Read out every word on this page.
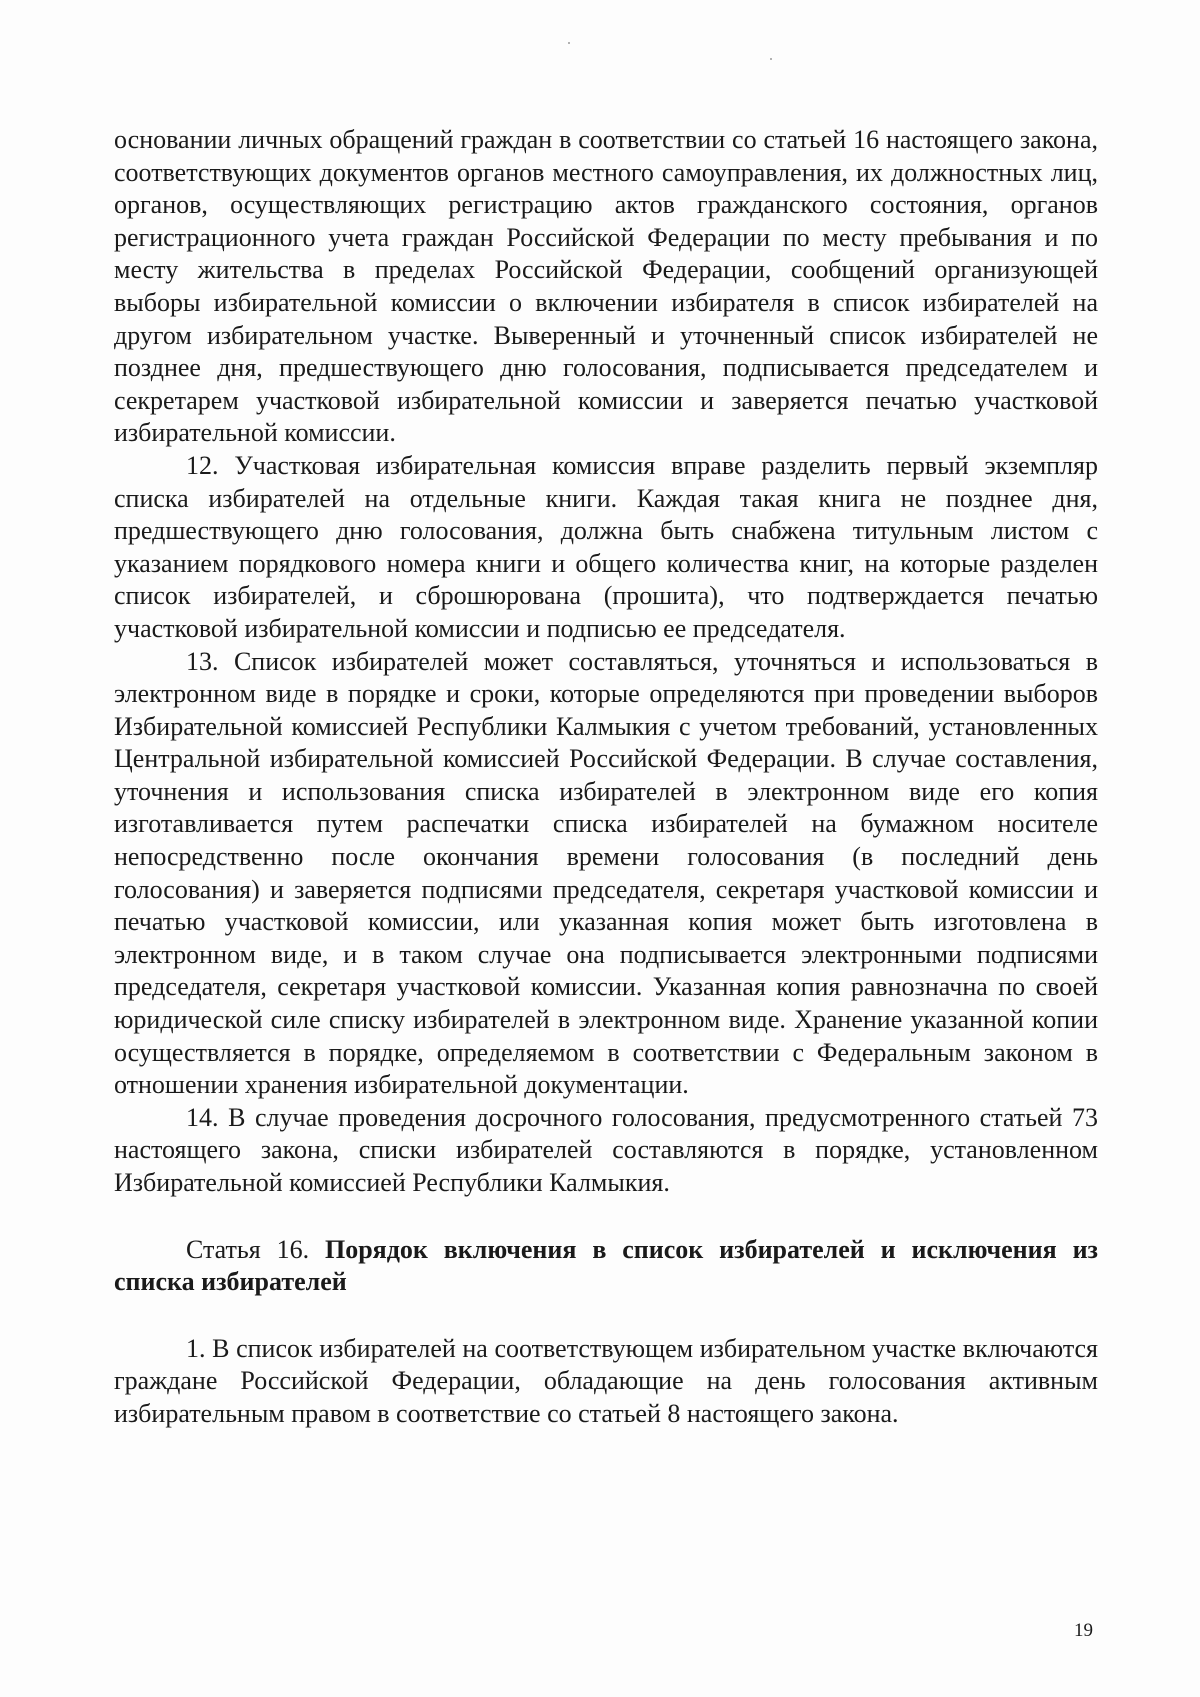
основании личных обращений граждан в соответствии со статьей 16 настоящего закона, соответствующих документов органов местного самоуправления, их должностных лиц, органов, осуществляющих регистрацию актов гражданского состояния, органов регистрационного учета граждан Российской Федерации по месту пребывания и по месту жительства в пределах Российской Федерации, сообщений организующей выборы избирательной комиссии о включении избирателя в список избирателей на другом избирательном участке. Выверенный и уточненный список избирателей не позднее дня, предшествующего дню голосования, подписывается председателем и секретарем участковой избирательной комиссии и заверяется печатью участковой избирательной комиссии.

12. Участковая избирательная комиссия вправе разделить первый экземпляр списка избирателей на отдельные книги. Каждая такая книга не позднее дня, предшествующего дню голосования, должна быть снабжена титульным листом с указанием порядкового номера книги и общего количества книг, на которые разделен список избирателей, и сброшюрована (прошита), что подтверждается печатью участковой избирательной комиссии и подписью ее председателя.

13. Список избирателей может составляться, уточняться и использоваться в электронном виде в порядке и сроки, которые определяются при проведении выборов Избирательной комиссией Республики Калмыкия с учетом требований, установленных Центральной избирательной комиссией Российской Федерации. В случае составления, уточнения и использования списка избирателей в электронном виде его копия изготавливается путем распечатки списка избирателей на бумажном носителе непосредственно после окончания времени голосования (в последний день голосования) и заверяется подписями председателя, секретаря участковой комиссии и печатью участковой комиссии, или указанная копия может быть изготовлена в электронном виде, и в таком случае она подписывается электронными подписями председателя, секретаря участковой комиссии. Указанная копия равнозначна по своей юридической силе списку избирателей в электронном виде. Хранение указанной копии осуществляется в порядке, определяемом в соответствии с Федеральным законом в отношении хранения избирательной документации.

14. В случае проведения досрочного голосования, предусмотренного статьей 73 настоящего закона, списки избирателей составляются в порядке, установленном Избирательной комиссией Республики Калмыкия.

Статья 16. Порядок включения в список избирателей и исключения из списка избирателей

1. В список избирателей на соответствующем избирательном участке включаются граждане Российской Федерации, обладающие на день голосования активным избирательным правом в соответствие со статьей 8 настоящего закона.

19
